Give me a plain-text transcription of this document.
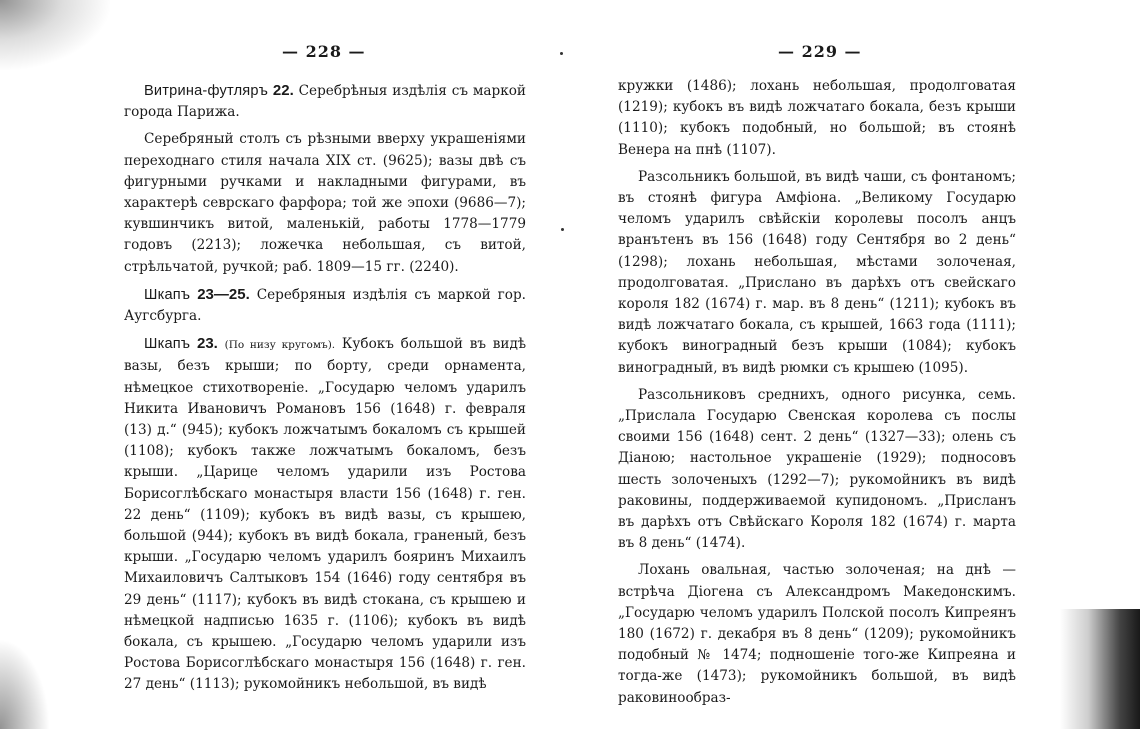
— 228 —	— 229 —

Витрина-футляръ 22. Серебрѣныя издѣлія съ маркой города Парижа.

Серебряный столъ съ рѣзными вверху украшеніями переходнаго стиля начала XIX ст. (9625); вазы двѣ съ фигурными ручками и накладными фигурами, въ характерѣ севрскаго фарфора; той же эпохи (9686—7); кувшинчикъ витой, маленькій, работы 1778—1779 годовъ (2213); ложечка небольшая, съ витой, стрѣльчатой, ручкой; раб. 1809—15 гг. (2240).

Шкапъ 23—25. Серебряныя издѣлія съ маркой гор. Аугсбурга.

Шкапъ 23. (По низу кругомъ). Кубокъ большой въ видѣ вазы, безъ крыши; по борту, среди орнамента, нѣмецкое стихотвореніе. „Государю челомъ ударилъ Никита Ивановичъ Романовъ 156 (1648) г. февраля (13) д.“ (945); кубокъ ложчатымъ бокаломъ съ крышей (1108); кубокъ также ложчатымъ бокаломъ, безъ крыши. „Царице челомъ ударили изъ Ростова Борисоглѣбскаго монастыря власти 156 (1648) г. ген. 22 день“ (1109); кубокъ въ видѣ вазы, съ крышею, большой (944); кубокъ въ видѣ бокала, граненый, безъ крыши. „Государю челомъ ударилъ бояринъ Михаилъ Михаиловичъ Салтыковъ 154 (1646) году сентября въ 29 день“ (1117); кубокъ въ видѣ стокана, съ крышею и нѣмецкой надписью 1635 г. (1106); кубокъ въ видѣ бокала, съ крышею. „Государю челомъ ударили изъ Ростова Борисоглѣбскаго монастыря 156 (1648) г. ген. 27 день“ (1113); рукомойникъ небольшой, въ видѣ

кружки (1486); лохань небольшая, продолговатая (1219); кубокъ въ видѣ ложчатаго бокала, безъ крыши (1110); кубокъ подобный, но большой; въ стоянѣ Венера на пнѣ (1107).

Разсольникъ большой, въ видѣ чаши, съ фонтаномъ; въ стоянѣ фигура Амфіона. „Великому Государю челомъ ударилъ свѣйскіи королевы посолъ анцъ вранътенъ въ 156 (1648) году Сентября во 2 день“ (1298); лохань небольшая, мѣстами золоченая, продолговатая. „Прислано въ дарѣхъ отъ свейскаго короля 182 (1674) г. мар. въ 8 день“ (1211); кубокъ въ видѣ ложчатаго бокала, съ крышей, 1663 года (1111); кубокъ виноградный безъ крыши (1084); кубокъ виноградный, въ видѣ рюмки съ крышею (1095).

Разсольниковъ среднихъ, одного рисунка, семь. „Прислала Государю Свенская королева съ послы своими 156 (1648) сент. 2 день“ (1327—33); олень съ Діаною; настольное украшеніе (1929); подносовъ шесть золоченыхъ (1292—7); рукомойникъ въ видѣ раковины, поддерживаемой купидономъ. „Присланъ въ дарѣхъ отъ Свѣйскаго Короля 182 (1674) г. марта въ 8 день“ (1474).

Лохань овальная, частью золоченая; на днѣ — встрѣча Діогена съ Александромъ Македонскимъ. „Государю челомъ ударилъ Полской посолъ Кипреянъ 180 (1672) г. декабря въ 8 день“ (1209); рукомойникъ подобный № 1474; подношеніе того-же Кипреяна и тогда-же (1473); рукомойникъ большой, въ видѣ раковинообраз-
